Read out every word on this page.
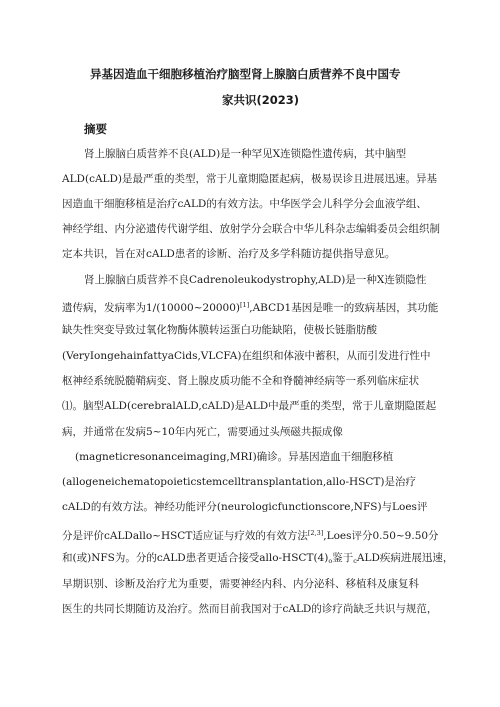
异基因造血干细胞移植治疗脑型肾上腺脑白质营养不良中国专
家共识(2023)
摘要
肾上腺脑白质营养不良(ALD)是一种罕见X连锁隐性遗传病，其中脑型
ALD(cALD)是最严重的类型，常于儿童期隐匿起病，极易误诊且进展迅速。异基
因造血干细胞移植是治疗cALD的有效方法。中华医学会儿科学分会血液学组、
神经学组、内分泌遗传代谢学组、放射学分会联合中华儿科杂志编辑委员会组织制
定本共识，旨在对cALD患者的诊断、治疗及多学科随访提供指导意见。
肾上腺脑白质营养不良Cadrenoleukodystrophy,ALD)是一种X连锁隐性
遗传病，发病率为1/(10000~20000)[1],ABCD1基因是唯一的致病基因，其功能
缺失性突变导致过氧化物酶体膜转运蛋白功能缺陷，使极长链脂肪酸
(VeryIongehainfattyaCids,VLCFA)在组织和体液中蓄积，从而引发进行性中
枢神经系统脱髓鞘病变、肾上腺皮质功能不全和脊髓神经病等一系列临床症状
⑴。脑型ALD(cerebralALD,cALD)是ALD中最严重的类型，常于儿童期隐匿起
病，并通常在发病5~10年内死亡，需要通过头颅磁共振成像
(magneticresonanceimaging,MRI)确诊。异基因造血干细胞移植
(allogeneichematopoieticstemcelltransplantation,allo-HSCT)是治疗
cALD的有效方法。神经功能评分(neurologicfunctionscore,NFS)与Loes评
分是评价cALDallo~HSCT适应证与疗效的有效方法[2,3],Loes评分0.50~9.50分
和(或)NFS为。分的cALD患者更适合接受allo-$HSCT(4)_o$鉴于$_c$ALD疾病进展迅速，
早期识别、诊断及治疗尤为重要，需要神经内科、内分泌科、移植科及康复科
医生的共同长期随访及治疗。然而目前我国对于cALD的诊疗尚缺乏共识与规范，
